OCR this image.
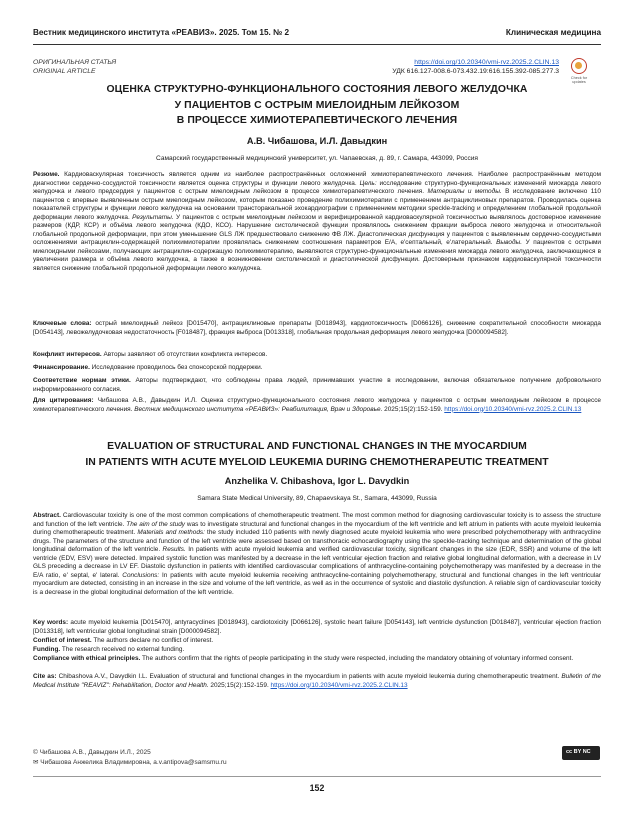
Вестник медицинского института «РЕАВИЗ». 2025. Том 15. № 2	Клиническая медицина
ОРИГИНАЛЬНАЯ СТАТЬЯ
ORIGINAL ARTICLE
https://doi.org/10.20340/vmi-rvz.2025.2.CLIN.13
УДК 616.127-008.6-073.432.19:616.155.392-085.277.3
Check for
updates
ОЦЕНКА СТРУКТУРНО-ФУНКЦИОНАЛЬНОГО СОСТОЯНИЯ ЛЕВОГО ЖЕЛУДОЧКА
У ПАЦИЕНТОВ С ОСТРЫМ МИЕЛОИДНЫМ ЛЕЙКОЗОМ
В ПРОЦЕССЕ ХИМИОТЕРАПЕВТИЧЕСКОГО ЛЕЧЕНИЯ
А.В. Чибашова, И.Л. Давыдкин
Самарский государственный медицинский университет, ул. Чапаевская, д. 89, г. Самара, 443099, Россия
Резюме. Кардиоваскулярная токсичность является одним из наиболее распространённых осложнений химиотерапевтического лечения. Наиболее распространённым методом диагностики сердечно-сосудистой токсичности является оценка структуры и функции левого желудочка. Цель: исследование структурно-функциональных изменений миокарда левого желудочка и левого предсердия у пациентов с острым миелоидным лейкозом в процессе химиотерапевтического лечения. Материалы и методы. В исследование включено 110 пациентов с впервые выявленным острым миелоидным лейкозом, которым показано проведение полихимиотерапии с применением антрациклиновых препаратов. Проводилась оценка показателей структуры и функции левого желудочка на основании трансторакальной эхокардиографии с применением методики speckle-tracking и определением глобальной продольной деформации левого желудочка. Результаты. У пациентов с острым миелоидным лейкозом и верифицированной кардиоваскулярной токсичностью выявлялось достоверное изменение размеров (КДР, КСР) и объёма левого желудочка (КДО, КСО). Нарушение систолической функции проявлялось снижением фракции выброса левого желудочка и относительной глобальной продольной деформации, при этом уменьшение GLS ЛЖ предшествовало снижению ФВ ЛЖ. Диастолическая дисфункция у пациентов с выявленным сердечно-сосудистыми осложнениями антрациклин-содержащей полихимиотерапии проявлялась снижением соотношения параметров E/A, e'септальный, e'латеральный. Выводы. У пациентов с острыми миелоидными лейкозами, получающих антрациклин-содержащую полихимиотерапию, выявляются структурно-функциональные изменения миокарда левого желудочка, заключающиеся в увеличении размера и объёма левого желудочка, а также в возникновении систолической и диастолической дисфункции. Достоверным признаком кардиоваскулярной токсичности является снижение глобальной продольной деформации левого желудочка.
Ключевые слова: острый миелоидный лейкоз [D015470], антрациклиновые препараты [D018943], кардиотоксичность [D066126], снижение сократительной способности миокарда [D054143], левожелудочковая недостаточность [F018487], фракция выброса [D013318], глобальная продольная деформация левого желудочка [D000094582].
Конфликт интересов. Авторы заявляют об отсутствии конфликта интересов.
Финансирование. Исследование проводилось без спонсорской поддержки.
Соответствие нормам этики. Авторы подтверждают, что соблюдены права людей, принимавших участие в исследовании, включая обязательное получение добровольного информированного согласия.
Для цитирования: Чибашова А.В., Давыдкин И.Л. Оценка структурно-функционального состояния левого желудочка у пациентов с острым миелоидным лейкозом в процессе химиотерапевтического лечения. Вестник медицинского института «РЕАВИЗ»: Реабилитация, Врач и Здоровье. 2025;15(2):152-159. https://doi.org/10.20340/vmi-rvz.2025.2.CLIN.13
EVALUATION OF STRUCTURAL AND FUNCTIONAL CHANGES IN THE MYOCARDIUM
IN PATIENTS WITH ACUTE MYELOID LEUKEMIA DURING CHEMOTHERAPEUTIC TREATMENT
Anzhelika V. Chibashova, Igor L. Davydkin
Samara State Medical University, 89, Chapaevskaya St., Samara, 443099, Russia
Abstract. Cardiovascular toxicity is one of the most common complications of chemotherapeutic treatment. The most common method for diagnosing cardiovascular toxicity is to assess the structure and function of the left ventricle. The aim of the study was to investigate structural and functional changes in the myocardium of the left ventricle and left atrium in patients with acute myeloid leukemia during chemotherapeutic treatment. Materials and methods: the study included 110 patients with newly diagnosed acute myeloid leukemia who were prescribed polychemotherapy with anthracycline drugs. The parameters of the structure and function of the left ventricle were assessed based on transthoracic echocardiography using the speckle-tracking technique and determination of the global longitudinal deformation of the left ventricle. Results. In patients with acute myeloid leukemia and verified cardiovascular toxicity, significant changes in the size (EDR, SSR) and volume of the left ventricle (EDV, ESV) were detected. Impaired systolic function was manifested by a decrease in the left ventricular ejection fraction and relative global longitudinal deformation, with a decrease in LV GLS preceding a decrease in LV EF. Diastolic dysfunction in patients with identified cardiovascular complications of anthracycline-containing polychemotherapy was manifested by a decrease in the E/A ratio, e' septal, e' lateral. Conclusions: In patients with acute myeloid leukemia receiving anthracycline-containing polychemotherapy, structural and functional changes in the left ventricular myocardium are detected, consisting in an increase in the size and volume of the left ventricle, as well as in the occurrence of systolic and diastolic dysfunction. A reliable sign of cardiovascular toxicity is a decrease in the global longitudinal deformation of the left ventricle.
Key words: acute myeloid leukemia [D015470], antyracyclines [D018943], cardiotoxicity [D066126], systolic heart failure [D054143], left ventricle dysfunction [D018487], ventricular ejection fraction [D013318], left ventricular global longitudinal strain [D000094582].
Conflict of interest. The authors declare no conflict of interest.
Funding. The research received no external funding.
Compliance with ethical principles. The authors confirm that the rights of people participating in the study were respected, including the mandatory obtaining of voluntary informed consent.
Cite as: Chibashova A.V., Davydkin I.L. Evaluation of structural and functional changes in the myocardium in patients with acute myeloid leukemia during chemotherapeutic treatment. Bulletin of the Medical Institute "REAVIZ": Rehabilitation, Doctor and Health. 2025;15(2):152-159. https://doi.org/10.20340/vmi-rvz.2025.2.CLIN.13
© Чибашова А.В., Давыдкин И.Л., 2025
✉ Чибашова Анжелика Владимировна, a.v.antipova@samsmu.ru
cc BY NC
152
